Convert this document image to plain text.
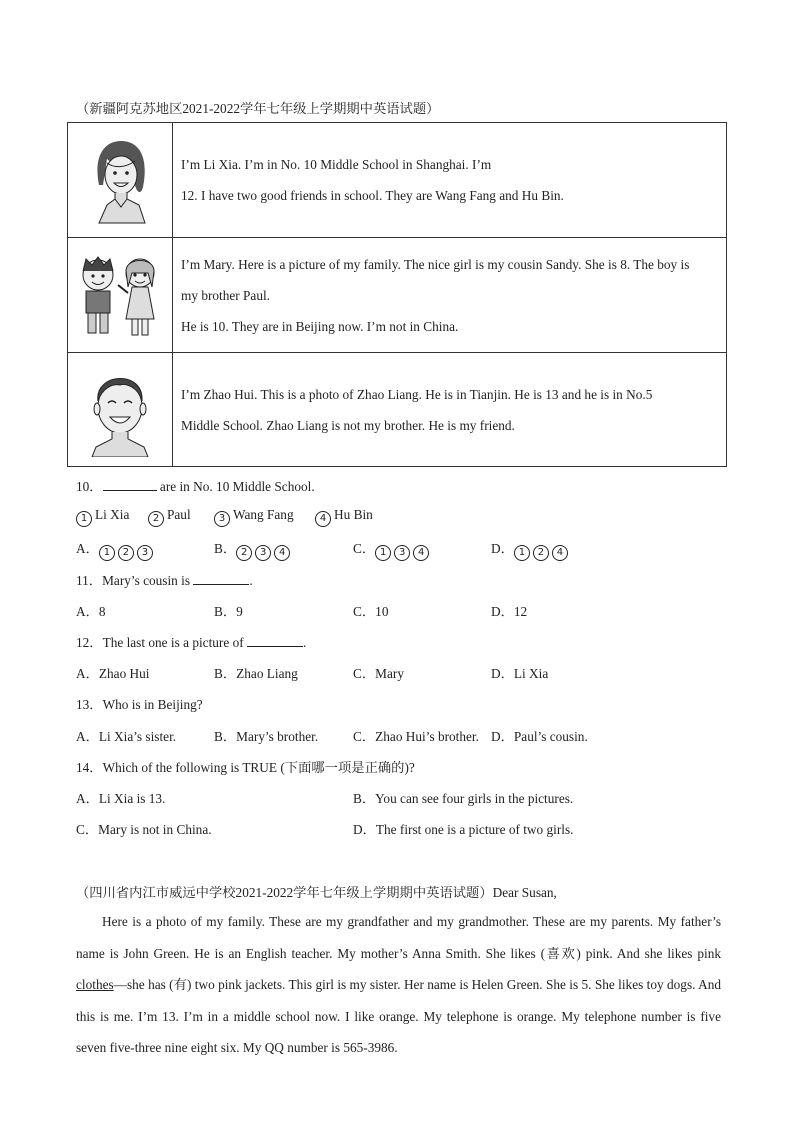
（新疆阿克苏地区2021-2022学年七年级上学期期中英语试题）

I’m Li Xia. I’m in No. 10 Middle School in Shanghai. I’m
12. I have two good friends in school. They are Wang Fang and Hu Bin.

I’m Mary. Here is a picture of my family. The nice girl is my cousin Sandy. She is 8. The boy is
my brother Paul.
He is 10. They are in Beijing now. I’m not in China.

I’m Zhao Hui. This is a photo of Zhao Liang. He is in Tianjin. He is 13 and he is in No.5
Middle School. Zhao Liang is not my brother. He is my friend.
10．	are in No. 10 Middle School.
1 Li Xia	2 Paul	3 Wang Fang	4 Hu Bin
A． 1 2 3	B． 2 3 4	C． 1 3 4	D． 1 2 4
11．Mary’s cousin is	.
A．8	B．9	C．10	D．12
12．The last one is a picture of	.
A．Zhao Hui	B．Zhao Liang	C．Mary	D．Li Xia
13．Who is in Beijing?
A．Li Xia’s sister.	B．Mary’s brother.	C．Zhao Hui’s brother. D．Paul’s cousin.
14．Which of the following is TRUE (下面哪一项是正确的)?
A．Li Xia is 13.	B．You can see four girls in the pictures.
C．Mary is not in China.	D．The first one is a picture of two girls.
（四川省内江市威远中学校2021-2022学年七年级上学期期中英语试题）Dear Susan,
Here is a photo of my family. These are my grandfather and my grandmother. These are my parents. My father’s name is John Green. He is an English teacher. My mother’s Anna Smith. She likes (喜欢) pink. And she likes pink clothes—she has (有) two pink jackets. This girl is my sister. Her name is Helen Green. She is 5. She likes toy dogs. And this is me. I’m 13. I’m in a middle school now. I like orange. My telephone is orange. My telephone number is five seven five-three nine eight six. My QQ number is 565-3986.
